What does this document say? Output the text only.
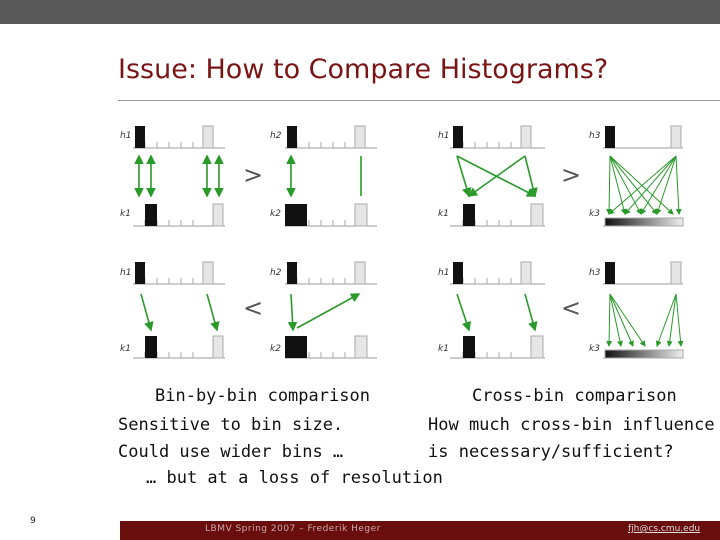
Issue: How to Compare Histograms?
h1
k1
h2
k2
h1
k1
h2
k2
h1
k1
h3
k3
h1
k1
h3
k3
>
<
>
<
Bin-by-bin comparison
Sensitive to bin size.
Could use wider bins …
… but at a loss of resolution
Cross-bin comparison
How much cross-bin influence
is necessary/sufficient?
9
LBMV Spring 2007 – Frederik Heger	fjh@cs.cmu.edu
